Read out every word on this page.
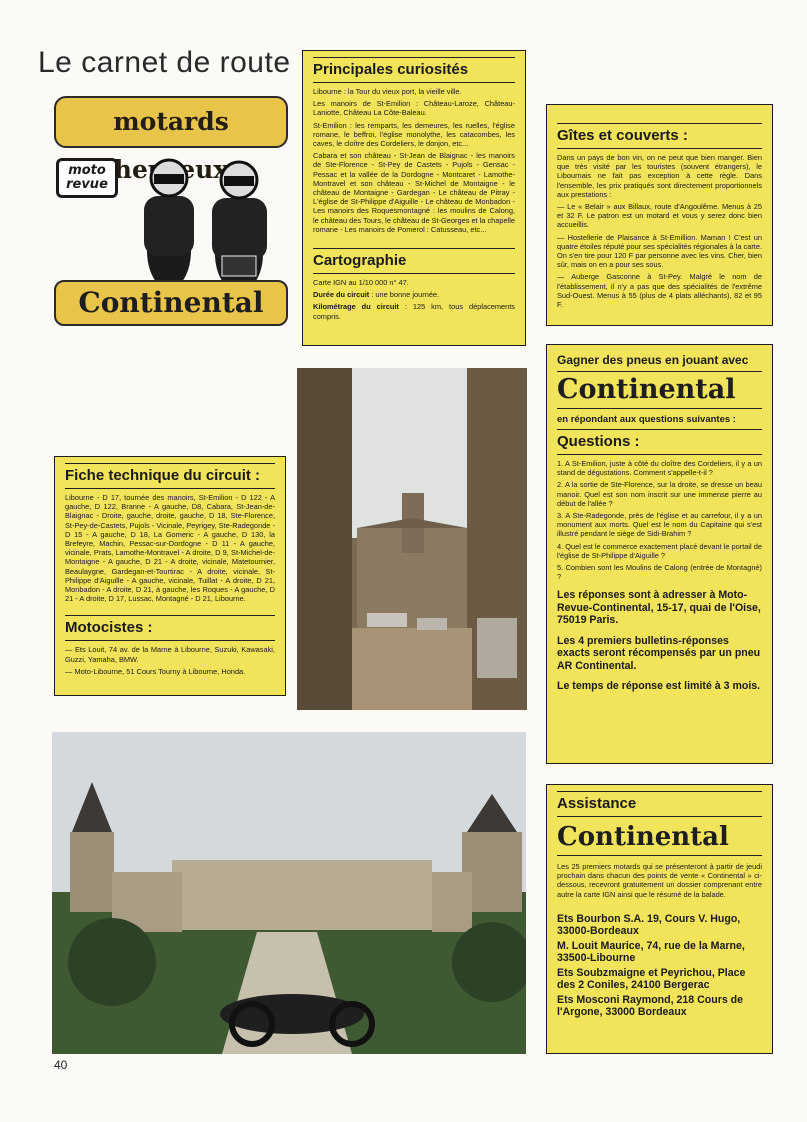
Le carnet de route
motards
moto
revue
Continental
Principales curiosités

Libourne : la Tour du vieux port, la vieille ville.

Les manoirs de St-Emilion : Château-Laroze, Château-Laniotte, Château La Côte-Baleau.

St-Emilion : les remparts, les demeures, les ruelles, l'église romane, le beffroi, l'église monolythe, les catacombes, les caves, le cloître des Cordeliers, le donjon, etc...

Cabara et son château - St-Jean de Blaignac - les manoirs de Ste-Florence - St-Pey de Castets - Pujols - Gensac - Pessac et la vallée de la Dordogne - Montcaret - Lamothe-Montravel et son château - St-Michel de Montaigne - le château de Montaigne - Gardegan - Le château de Pitray - L'église de St-Philippe d'Aiguille - Le château de Monbadon - Les manoirs des Roquesmontagné : les moulins de Calong, le château des Tours, le château de St-Georges et la chapelle romane - Les manoirs de Pomerol : Catusseau, etc...

Cartographie

Carte IGN au 1/10 000 n° 47.

Durée du circuit : une bonne journée.

Kilométrage du circuit : 125 km, tous déplacements compris.

Gîtes et couverts :

Dans un pays de bon vin, on ne peut que bien manger. Bien que très visité par les touristes (souvent étrangers), le Libournais ne fait pas exception à cette règle. Dans l'ensemble, les prix pratiqués sont directement proportionnels aux prestations :

— Le « Belair » aux Billaux, route d'Angoulême. Menus à 25 et 32 F. Le patron est un motard et vous y serez donc bien accueillis.

— Hostellerie de Plaisance à St-Emillion. Maman ! C'est un quatre étoiles réputé pour ses spécialités régionales à la carte. On s'en tire pour 120 F par personne avec les vins. Cher, bien sûr, mais on en a pour ses sous.

— Auberge Gasconne à St-Pey. Malgré le nom de l'établissement, il n'y a pas que des spécialités de l'extrême Sud-Ouest. Menus à 55 (plus de 4 plats alléchants), 82 et 95 F.

Fiche technique du circuit :

Libourne - D 17, tournée des manoirs, St-Emilion - D 122 - A gauche, D 122, Branne - A gauche, D8, Cabara, St-Jean-de-Blaignac - Droite, gauche, droite, gauche, D 18, Ste-Florence, St-Pey-de-Castets, Pujols - Vicinale, Peyrigey, Ste-Radegonde - D 15 - A gauche, D 18, La Gomeric - A gauche, D 130, la Brefeyre, Machin, Pessac-sur-Dordogne - D 11 - A gauche, vicinale, Prats, Lamothe-Montravel - A droite, D 9, St-Michel-de-Montaigne - A gauche, D 21 - A droite, vicinale, Matetournier, Beaulaygne, Gardegan-et-Tourtirac - A droite, vicinale, St-Philippe d'Aiguille - A gauche, vicinale, Tuillat - A droite, D 21, Monbadon - A droite, D 21, à gauche, les Roques - A gauche, D 21 - A droite, D 17, Lussac, Montagné - D 21, Libourne.

Motocistes :

— Ets Louit, 74 av. de la Marne à Libourne, Suzuki, Kawasaki, Guzzi, Yamaha, BMW.

— Moto-Libourne, 51 Cours Tourny à Libourne, Honda.

Gagner des pneus en jouant avec
Continental
en répondant aux questions suivantes :
Questions :

1. A St-Emilion, juste à côté du cloître des Cordeliers, il y a un stand de dégustations. Comment s'appelle-t-il ?

2. A la sortie de Ste-Florence, sur la droite, se dresse un beau manoir. Quel est son nom inscrit sur une immense pierre au début de l'allée ?

3. A Ste-Radegonde, près de l'église et au carrefour, il y a un monument aux morts. Quel est le nom du Capitaine qui s'est illustré pendant le siège de Sidi-Brahim ?

4. Quel est le commerce exactement placé devant le portail de l'église de St-Philippe d'Aiguille ?

5. Combien sont les Moulins de Calong (entrée de Montagné) ?

Les réponses sont à adresser à Moto-Revue-Continental, 15-17, quai de l'Oise, 75019 Paris.

Les 4 premiers bulletins-réponses exacts seront récompensés par un pneu AR Continental.

Le temps de réponse est limité à 3 mois.

Assistance
Continental

Les 25 premiers motards qui se présenteront à partir de jeudi prochain dans chacun des points de vente « Continental » ci-dessous, recevront gratuitement un dossier comprenant entre autre la carte IGN ainsi que le résumé de la balade.

Ets Bourbon S.A. 19, Cours V. Hugo, 33000-Bordeaux

M. Louit Maurice, 74, rue de la Marne, 33500-Libourne

Ets Soubzmaigne et Peyrichou, Place des 2 Coniles, 24100 Bergerac

Ets Mosconi Raymond, 218 Cours de l'Argone, 33000 Bordeaux

40
